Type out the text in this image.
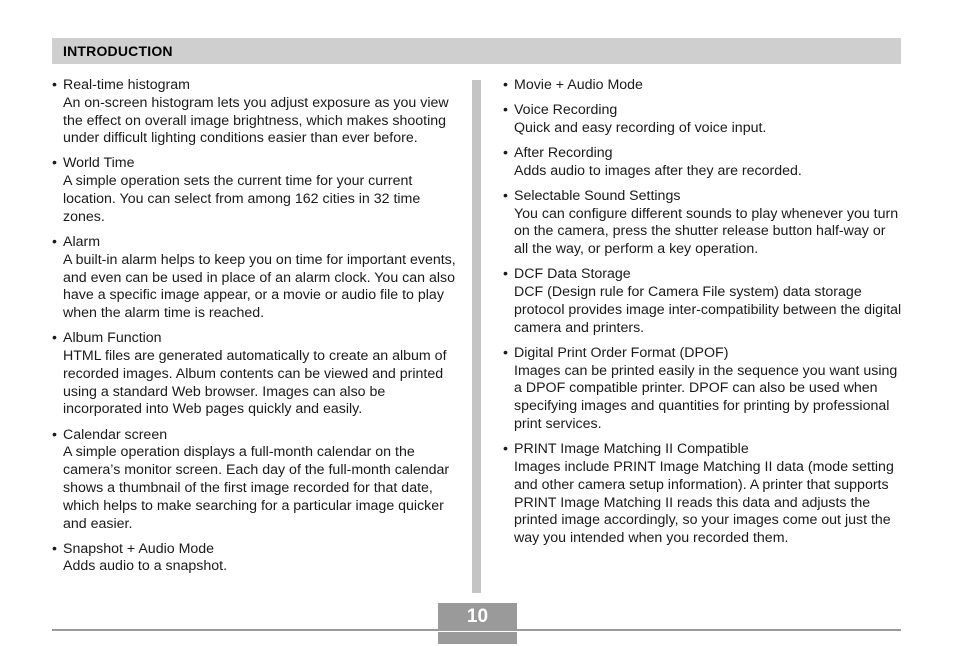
INTRODUCTION
• Real-time histogram
An on-screen histogram lets you adjust exposure as you view the effect on overall image brightness, which makes shooting under difficult lighting conditions easier than ever before.
• World Time
A simple operation sets the current time for your current location. You can select from among 162 cities in 32 time zones.
• Alarm
A built-in alarm helps to keep you on time for important events, and even can be used in place of an alarm clock. You can also have a specific image appear, or a movie or audio file to play when the alarm time is reached.
• Album Function
HTML files are generated automatically to create an album of recorded images. Album contents can be viewed and printed using a standard Web browser. Images can also be incorporated into Web pages quickly and easily.
• Calendar screen
A simple operation displays a full-month calendar on the camera’s monitor screen. Each day of the full-month calendar shows a thumbnail of the first image recorded for that date, which helps to make searching for a particular image quicker and easier.
• Snapshot + Audio Mode
Adds audio to a snapshot.
• Movie + Audio Mode
• Voice Recording
Quick and easy recording of voice input.
• After Recording
Adds audio to images after they are recorded.
• Selectable Sound Settings
You can configure different sounds to play whenever you turn on the camera, press the shutter release button half-way or all the way, or perform a key operation.
• DCF Data Storage
DCF (Design rule for Camera File system) data storage protocol provides image inter-compatibility between the digital camera and printers.
• Digital Print Order Format (DPOF)
Images can be printed easily in the sequence you want using a DPOF compatible printer. DPOF can also be used when specifying images and quantities for printing by professional print services.
• PRINT Image Matching II Compatible
Images include PRINT Image Matching II data (mode setting and other camera setup information). A printer that supports PRINT Image Matching II reads this data and adjusts the printed image accordingly, so your images come out just the way you intended when you recorded them.
10
